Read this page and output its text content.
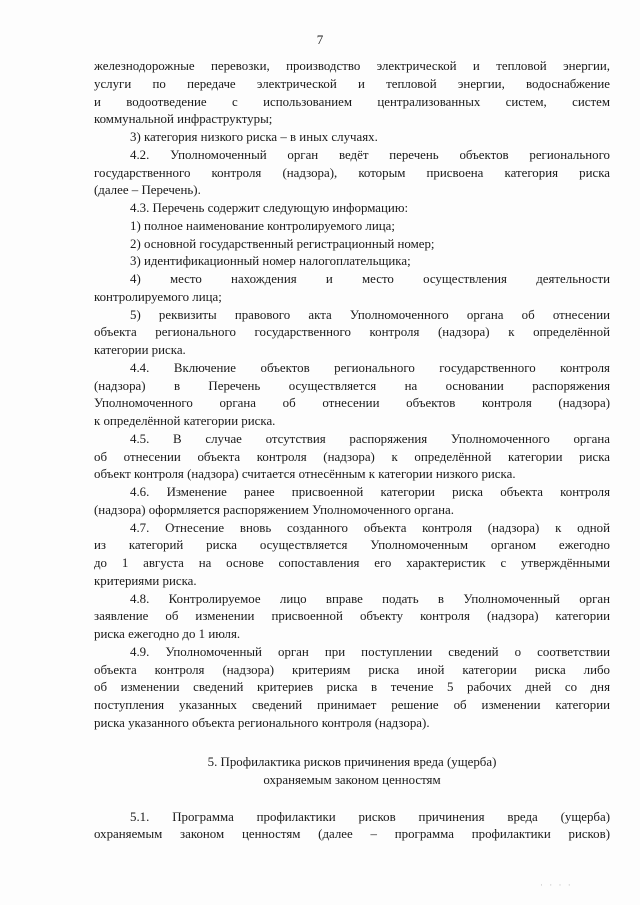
7
железнодорожные перевозки, производство электрической и тепловой энергии,
услуги по передаче электрической и тепловой энергии, водоснабжение
и водоотведение с использованием централизованных систем, систем
коммунальной инфраструктуры;
3) категория низкого риска – в иных случаях.
4.2. Уполномоченный орган ведёт перечень объектов регионального
государственного контроля (надзора), которым присвоена категория риска
(далее – Перечень).
4.3. Перечень содержит следующую информацию:
1) полное наименование контролируемого лица;
2) основной государственный регистрационный номер;
3) идентификационный номер налогоплательщика;
4) место нахождения и место осуществления деятельности
контролируемого лица;
5) реквизиты правового акта Уполномоченного органа об отнесении
объекта регионального государственного контроля (надзора) к определённой
категории риска.
4.4. Включение объектов регионального государственного контроля
(надзора) в Перечень осуществляется на основании распоряжения
Уполномоченного органа об отнесении объектов контроля (надзора)
к определённой категории риска.
4.5. В случае отсутствия распоряжения Уполномоченного органа
об отнесении объекта контроля (надзора) к определённой категории риска
объект контроля (надзора) считается отнесённым к категории низкого риска.
4.6. Изменение ранее присвоенной категории риска объекта контроля
(надзора) оформляется распоряжением Уполномоченного органа.
4.7. Отнесение вновь созданного объекта контроля (надзора) к одной
из категорий риска осуществляется Уполномоченным органом ежегодно
до 1 августа на основе сопоставления его характеристик с утверждёнными
критериями риска.
4.8. Контролируемое лицо вправе подать в Уполномоченный орган
заявление об изменении присвоенной объекту контроля (надзора) категории
риска ежегодно до 1 июля.
4.9. Уполномоченный орган при поступлении сведений о соответствии
объекта контроля (надзора) критериям риска иной категории риска либо
об изменении сведений критериев риска в течение 5 рабочих дней со дня
поступления указанных сведений принимает решение об изменении категории
риска указанного объекта регионального контроля (надзора).
5. Профилактика рисков причинения вреда (ущерба)
охраняемым законом ценностям
5.1. Программа профилактики рисков причинения вреда (ущерба)
охраняемым законом ценностям (далее – программа профилактики рисков)
· · · ·
